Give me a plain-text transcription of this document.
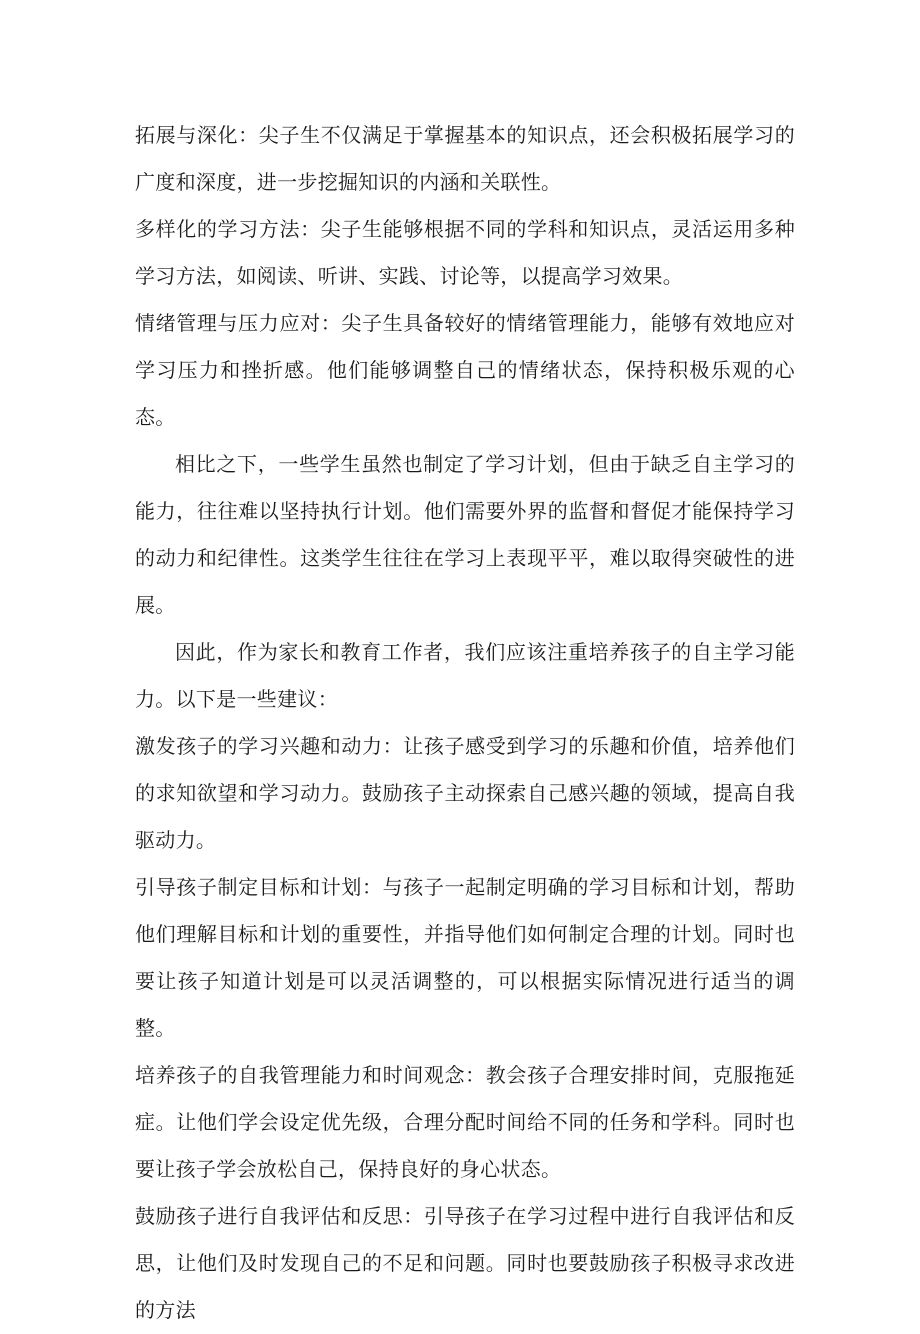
拓展与深化：尖子生不仅满足于掌握基本的知识点，还会积极拓展学习的广度和深度，进一步挖掘知识的内涵和关联性。

多样化的学习方法：尖子生能够根据不同的学科和知识点，灵活运用多种学习方法，如阅读、听讲、实践、讨论等，以提高学习效果。

情绪管理与压力应对：尖子生具备较好的情绪管理能力，能够有效地应对学习压力和挫折感。他们能够调整自己的情绪状态，保持积极乐观的心态。

相比之下，一些学生虽然也制定了学习计划，但由于缺乏自主学习的能力，往往难以坚持执行计划。他们需要外界的监督和督促才能保持学习的动力和纪律性。这类学生往往在学习上表现平平，难以取得突破性的进展。

因此，作为家长和教育工作者，我们应该注重培养孩子的自主学习能力。以下是一些建议：

激发孩子的学习兴趣和动力：让孩子感受到学习的乐趣和价值，培养他们的求知欲望和学习动力。鼓励孩子主动探索自己感兴趣的领域，提高自我驱动力。

引导孩子制定目标和计划：与孩子一起制定明确的学习目标和计划，帮助他们理解目标和计划的重要性，并指导他们如何制定合理的计划。同时也要让孩子知道计划是可以灵活调整的，可以根据实际情况进行适当的调整。

培养孩子的自我管理能力和时间观念：教会孩子合理安排时间，克服拖延症。让他们学会设定优先级，合理分配时间给不同的任务和学科。同时也要让孩子学会放松自己，保持良好的身心状态。

鼓励孩子进行自我评估和反思：引导孩子在学习过程中进行自我评估和反思，让他们及时发现自己的不足和问题。同时也要鼓励孩子积极寻求改进的方法
